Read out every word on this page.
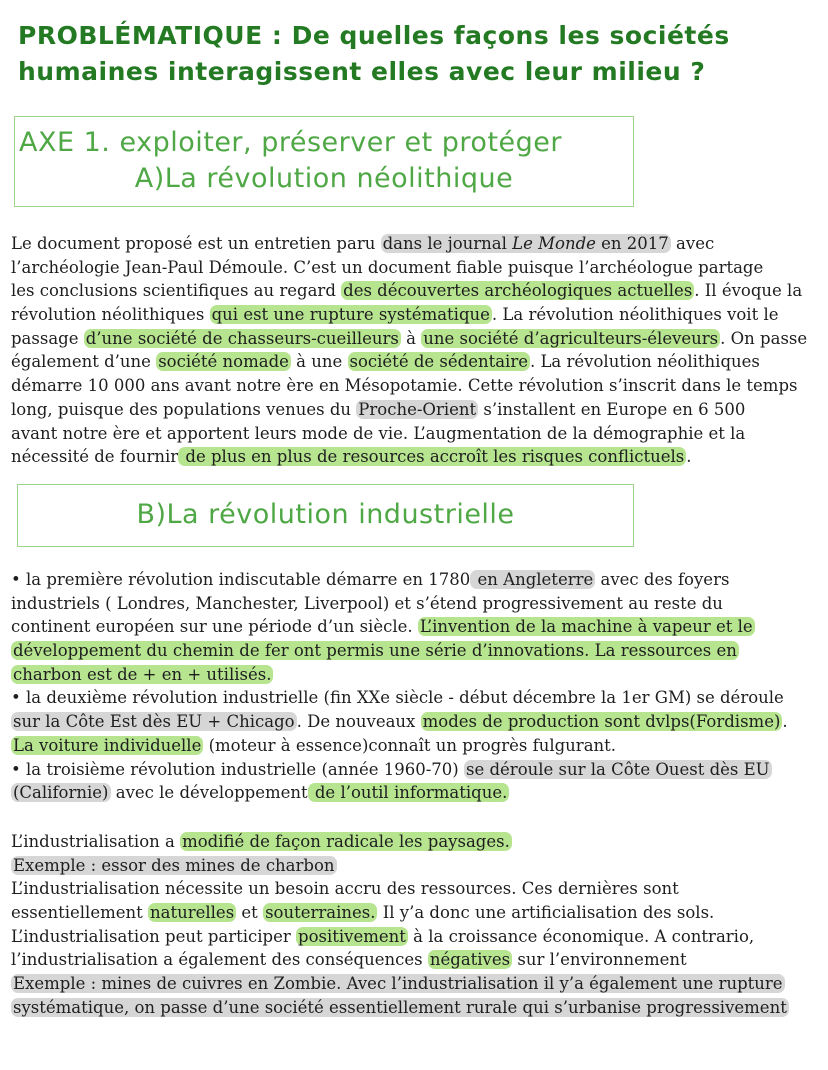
PROBLÉMATIQUE : De quelles façons les sociétés
humaines interagissent elles avec leur milieu ?
AXE 1. exploiter, préserver et protéger
A)La révolution néolithique
Le document proposé est un entretien paru dans le journal Le Monde en 2017 avec
l’archéologie Jean-Paul Démoule. C’est un document fiable puisque l’archéologue partage
les conclusions scientifiques au regard des découvertes archéologiques actuelles . Il évoque la
révolution néolithiques qui est une rupture systématique . La révolution néolithiques voit le
passage d’une société de chasseurs-cueilleurs à une société d’agriculteurs-éleveurs . On passe
également d’une société nomade à une société de sédentaire . La révolution néolithiques
démarre 10 000 ans avant notre ère en Mésopotamie. Cette révolution s’inscrit dans le temps
long, puisque des populations venues du Proche-Orient s’installent en Europe en 6 500
avant notre ère et apportent leurs mode de vie. L’augmentation de la démographie et la
nécessité de fournir de plus en plus de resources accroît les risques conflictuels .
B)La révolution industrielle
• la première révolution indiscutable démarre en 1780 en Angleterre avec des foyers
industriels ( Londres, Manchester, Liverpool) et s’étend progressivement au reste du
continent européen sur une période d’un siècle. L’invention de la machine à vapeur et le
développement du chemin de fer ont permis une série d’innovations. La ressources en
charbon est de + en + utilisés.
• la deuxième révolution industrielle (fin XXe siècle - début décembre la 1er GM) se déroule
sur la Côte Est dès EU + Chicago . De nouveaux modes de production sont dvlps(Fordisme) .
La voiture individuelle (moteur à essence)connaît un progrès fulgurant.
• la troisième révolution industrielle (année 1960-70) se déroule sur la Côte Ouest dès EU
(Californie) avec le développement de l’outil informatique.
L’industrialisation a modifié de façon radicale les paysages.
Exemple : essor des mines de charbon
L’industrialisation nécessite un besoin accru des ressources. Ces dernières sont
essentiellement naturelles et souterraines. Il y’a donc une artificialisation des sols.
L’industrialisation peut participer positivement à la croissance économique. A contrario,
l’industrialisation a également des conséquences négatives sur l’environnement
Exemple : mines de cuivres en Zombie. Avec l’industrialisation il y’a également une rupture
systématique, on passe d’une société essentiellement rurale qui s’urbanise progressivement
